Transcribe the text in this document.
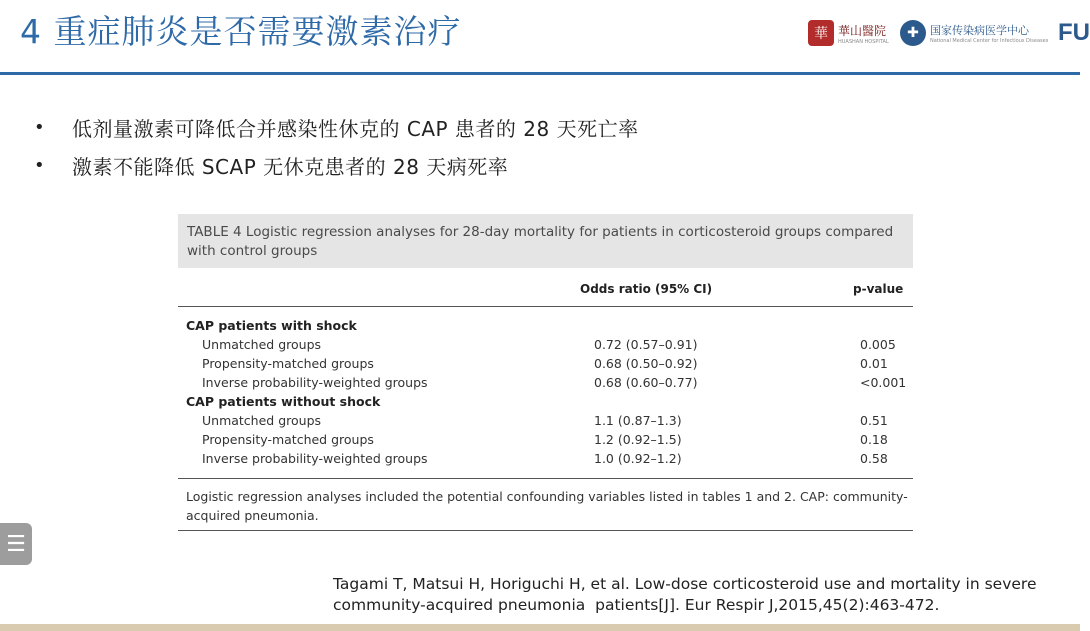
4 重症肺炎是否需要激素治疗	華 華山醫院
HUASHAN HOSPITAL
✚	国家传染病医学中心
National Medical Center for Infectious Diseases FU
•	低剂量激素可降低合并感染性休克的 CAP 患者的 28 天死亡率
•	激素不能降低 SCAP 无休克患者的 28 天病死率
TABLE 4 Logistic regression analyses for 28-day mortality for patients in corticosteroid groups compared with control groups
Odds ratio (95% CI)	p-value
CAP patients with shock
Unmatched groups	0.72 (0.57–0.91)	0.005
Propensity-matched groups	0.68 (0.50–0.92)	0.01
Inverse probability-weighted groups	0.68 (0.60–0.77)	<0.001
CAP patients without shock
Unmatched groups	1.1 (0.87–1.3)	0.51
Propensity-matched groups	1.2 (0.92–1.5)	0.18
Inverse probability-weighted groups	1.0 (0.92–1.2)	0.58
Logistic regression analyses included the potential confounding variables listed in tables 1 and 2. CAP: community-acquired pneumonia.
Tagami T, Matsui H, Horiguchi H, et al. Low-dose corticosteroid use and mortality in severe
community-acquired pneumonia  patients[J]. Eur Respir J,2015,45(2):463-472.
☰
